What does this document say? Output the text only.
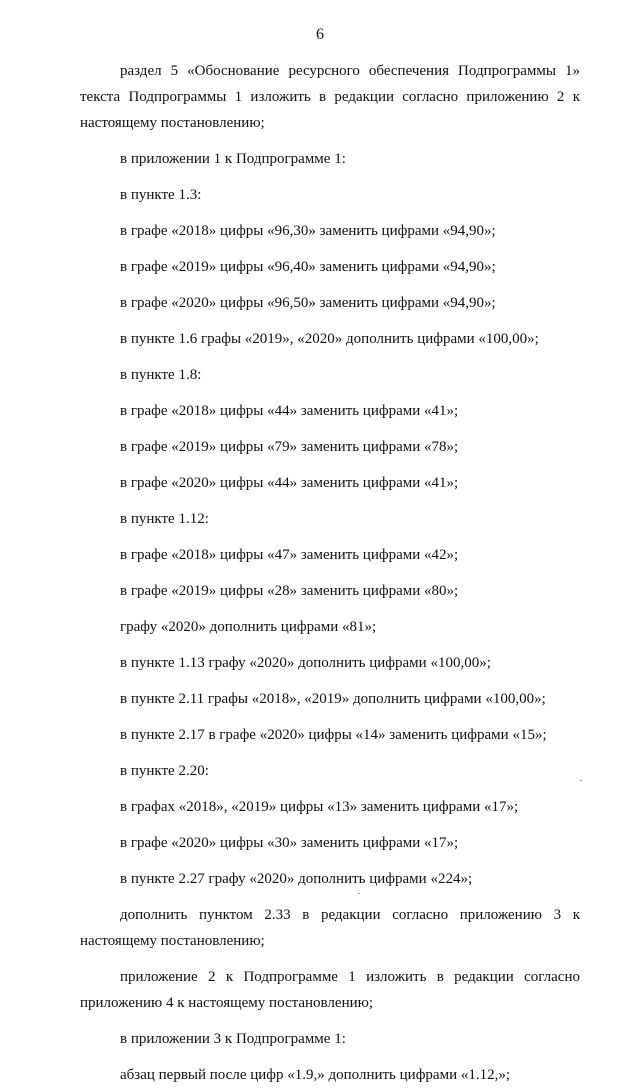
6

раздел 5 «Обоснование ресурсного обеспечения Подпрограммы 1» текста Подпрограммы 1 изложить в редакции согласно приложению 2 к настоящему постановлению;

в приложении 1 к Подпрограмме 1:

в пункте 1.3:

в графе «2018» цифры «96,30» заменить цифрами «94,90»;

в графе «2019» цифры «96,40» заменить цифрами «94,90»;

в графе «2020» цифры «96,50» заменить цифрами «94,90»;

в пункте 1.6 графы «2019», «2020» дополнить цифрами «100,00»;

в пункте 1.8:

в графе «2018» цифры «44» заменить цифрами «41»;

в графе «2019» цифры «79» заменить цифрами «78»;

в графе «2020» цифры «44» заменить цифрами «41»;

в пункте 1.12:

в графе «2018» цифры «47» заменить цифрами «42»;

в графе «2019» цифры «28» заменить цифрами «80»;

графу «2020» дополнить цифрами «81»;

в пункте 1.13 графу «2020» дополнить цифрами «100,00»;

в пункте 2.11 графы «2018», «2019» дополнить цифрами «100,00»;

в пункте 2.17 в графе «2020» цифры «14» заменить цифрами «15»;

в пункте 2.20:

в графах «2018», «2019» цифры «13» заменить цифрами «17»;

в графе «2020» цифры «30» заменить цифрами «17»;

в пункте 2.27 графу «2020» дополнить цифрами «224»;

дополнить пунктом 2.33 в редакции согласно приложению 3 к настоящему постановлению;

приложение 2 к Подпрограмме 1 изложить в редакции согласно приложению 4 к настоящему постановлению;

в приложении 3 к Подпрограмме 1:

абзац первый после цифр «1.9,» дополнить цифрами «1.12,»;
